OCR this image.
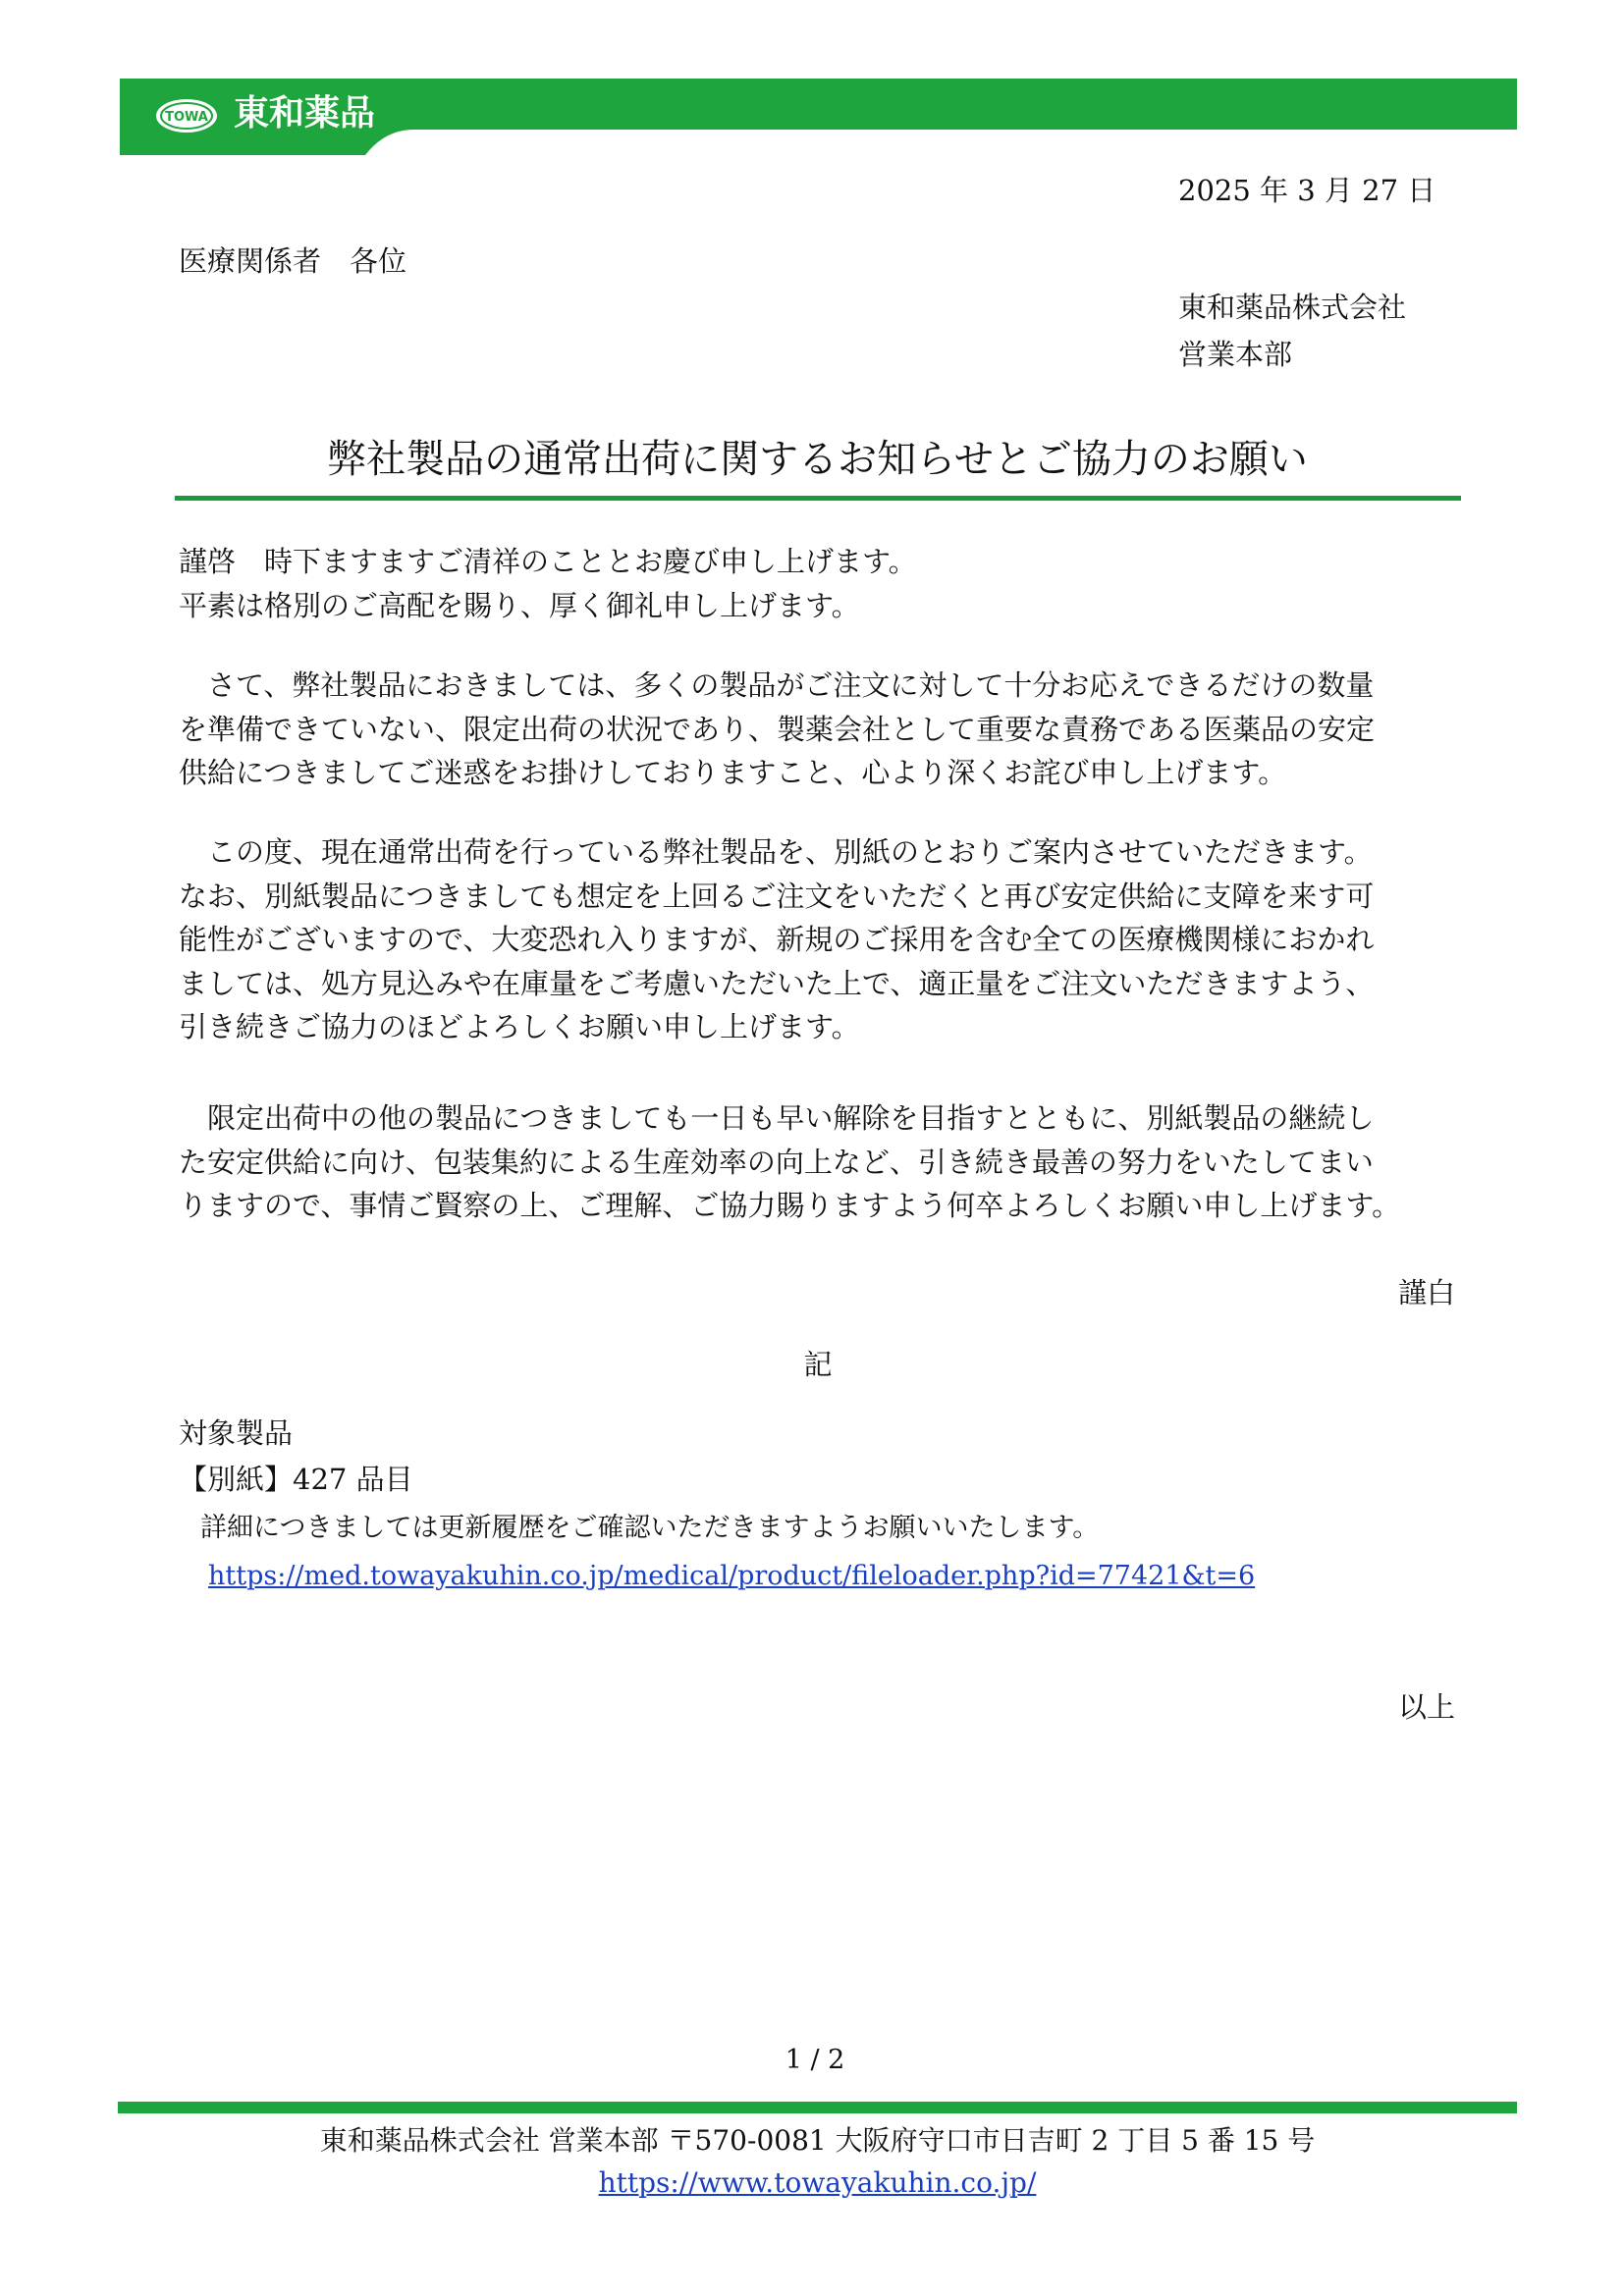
TOWA 東和薬品
2025 年 3 月 27 日
医療関係者　各位
東和薬品株式会社
営業本部
弊社製品の通常出荷に関するお知らせとご協力のお願い

謹啓　時下ますますご清祥のこととお慶び申し上げます。

平素は格別のご高配を賜り、厚く御礼申し上げます。

　さて、弊社製品におきましては、多くの製品がご注文に対して十分お応えできるだけの数量

を準備できていない、限定出荷の状況であり、製薬会社として重要な責務である医薬品の安定

供給につきましてご迷惑をお掛けしておりますこと、心より深くお詫び申し上げます。

　この度、現在通常出荷を行っている弊社製品を、別紙のとおりご案内させていただきます。

なお、別紙製品につきましても想定を上回るご注文をいただくと再び安定供給に支障を来す可

能性がございますので、大変恐れ入りますが、新規のご採用を含む全ての医療機関様におかれ

ましては、処方見込みや在庫量をご考慮いただいた上で、適正量をご注文いただきますよう、

引き続きご協力のほどよろしくお願い申し上げます。

　限定出荷中の他の製品につきましても一日も早い解除を目指すとともに、別紙製品の継続し

た安定供給に向け、包装集約による生産効率の向上など、引き続き最善の努力をいたしてまい

りますので、事情ご賢察の上、ご理解、ご協力賜りますよう何卒よろしくお願い申し上げます。

謹白
記
対象製品
【別紙】427 品目
詳細につきましては更新履歴をご確認いただきますようお願いいたします。
https://med.towayakuhin.co.jp/medical/product/fileloader.php?id=77421&t=6
以上
1 / 2
東和薬品株式会社 営業本部 〒570-0081 大阪府守口市日吉町 2 丁目 5 番 15 号
https://www.towayakuhin.co.jp/
